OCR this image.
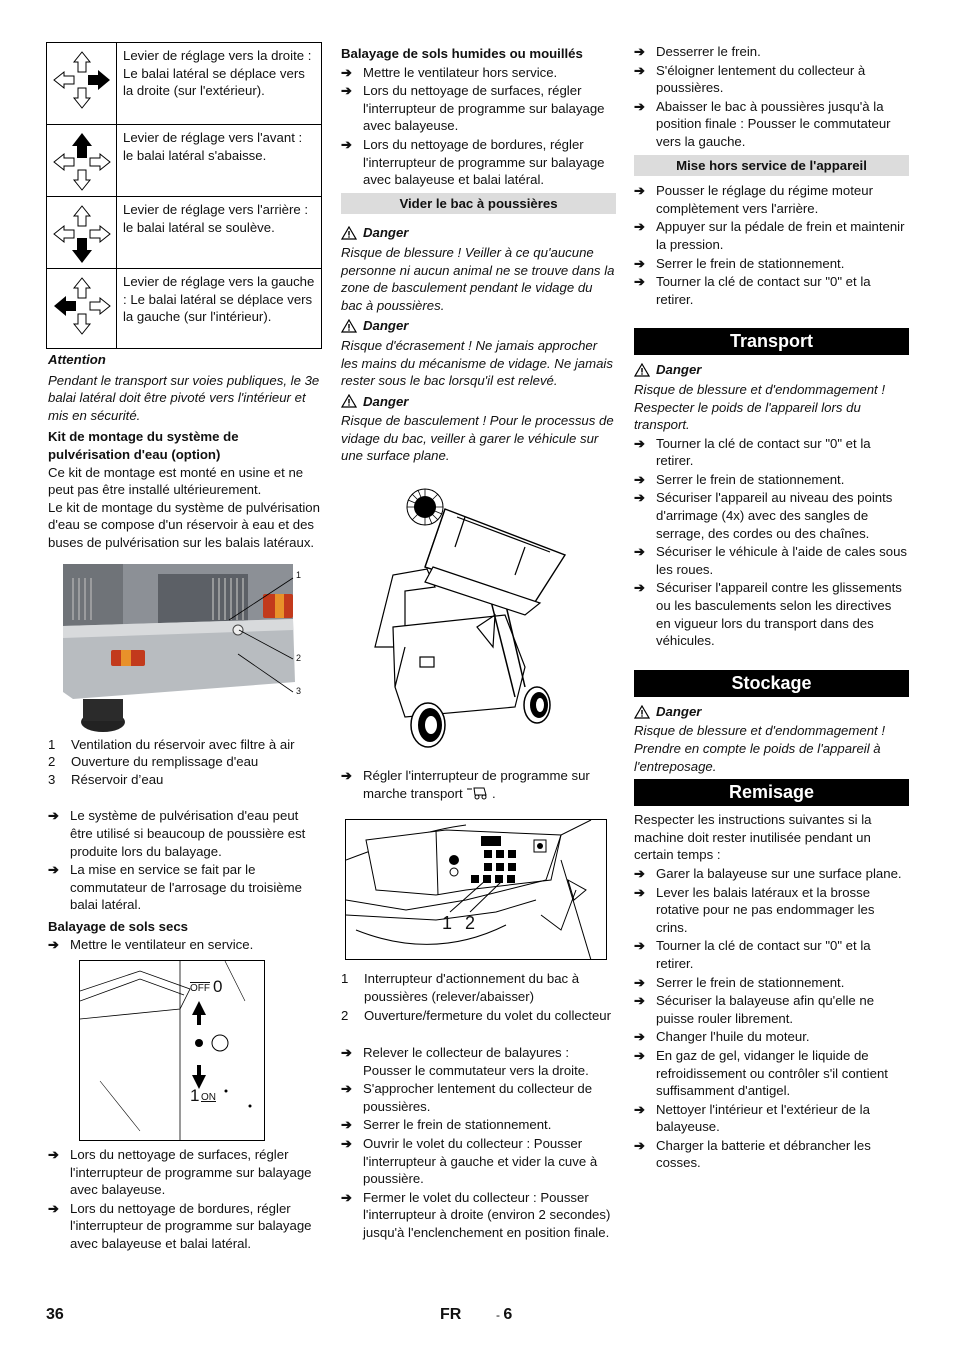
	Levier de réglage vers la droite : Le balai latéral se déplace vers la droite (sur l'extérieur).

	Levier de réglage vers l'avant : le balai latéral s'abaisse.

	Levier de réglage vers l'arrière : le balai latéral se soulève.

	Levier de réglage vers la gauche : Le balai latéral se déplace vers la gauche (sur l'intérieur).

Attention

Pendant le transport sur voies publiques, le 3e balai latéral doit être pivoté vers l'intérieur et mis en sécurité.

Kit de montage du système de pulvérisation d'eau (option)

Ce kit de montage est monté en usine et ne peut pas être installé ultérieurement.

Le kit de montage du système de pulvérisation d'eau se compose d'un réservoir à eau et des buses de pulvérisation sur les balais latéraux.

1
2
3
1	Ventilation du réservoir avec filtre à air
2	Ouverture du remplissage d'eau
3	Réservoir d’eau
➔ Le système de pulvérisation d'eau peut être utilisé si beaucoup de poussière est produite lors du balayage.
➔ La mise en service se fait par le commutateur de l'arrosage du troisième balai latéral.

Balayage de sols secs

➔ Mettre le ventilateur en service.
$\overline{OFF}$ 0
1 ON
➔ Lors du nettoyage de surfaces, régler l'interrupteur de programme sur balayage avec balayeuse.
➔ Lors du nettoyage de bordures, régler l'interrupteur de programme sur balayage avec balayeuse et balai latéral.

Balayage de sols humides ou mouillés

➔ Mettre le ventilateur hors service.
➔ Lors du nettoyage de surfaces, régler l'interrupteur de programme sur balayage avec balayeuse.
➔ Lors du nettoyage de bordures, régler l'interrupteur de programme sur balayage avec balayeuse et balai latéral.
Vider le bac à poussières
Danger

Risque de blessure ! Veiller à ce qu'aucune personne ni aucun animal ne se trouve dans la zone de basculement pendant le vidage du bac à poussières.

Danger

Risque d'écrasement ! Ne jamais approcher les mains du mécanisme de vidage. Ne jamais rester sous le bac lorsqu'il est relevé.

Danger

Risque de basculement ! Pour le processus de vidage du bac, veiller à garer le véhicule sur une surface plane.

➔ Régler l'interrupteur de programme sur marche transport  .
1 2
1	Interrupteur d'actionnement du bac à poussières (relever/abaisser)
2	Ouverture/fermeture du volet du collecteur
➔ Relever le collecteur de balayures : Pousser le commutateur vers la droite.
➔ S'approcher lentement du collecteur de poussières.
➔ Serrer le frein de stationnement.
➔ Ouvrir le volet du collecteur : Pousser l'interrupteur à gauche et vider la cuve à poussière.
➔ Fermer le volet du collecteur : Pousser l'interrupteur à droite (environ 2 secondes) jusqu'à l'enclenchement en position finale.
➔ Desserrer le frein.
➔ S'éloigner lentement du collecteur à poussières.
➔ Abaisser le bac à poussières jusqu'à la position finale : Pousser le commutateur vers la gauche.
Mise hors service de l'appareil
➔ Pousser le réglage du régime moteur complètement vers l'arrière.
➔ Appuyer sur la pédale de frein et maintenir la pression.
➔ Serrer le frein de stationnement.
➔ Tourner la clé de contact sur "0" et la retirer.
Transport
Danger

Risque de blessure et d'endommagement ! Respecter le poids de l'appareil lors du transport.

➔ Tourner la clé de contact sur "0" et la retirer.
➔ Serrer le frein de stationnement.
➔ Sécuriser l'appareil au niveau des points d'arrimage (4x) avec des sangles de serrage, des cordes ou des chaînes.
➔ Sécuriser le véhicule à l'aide de cales sous les roues.
➔ Sécuriser l'appareil contre les glissements ou les basculements selon les directives en vigueur lors du transport dans des véhicules.
Stockage
Danger

Risque de blessure et d'endommagement ! Prendre en compte le poids de l'appareil à l'entreposage.

Remisage

Respecter les instructions suivantes si la machine doit rester inutilisée pendant un certain temps :

➔ Garer la balayeuse sur une surface plane.
➔ Lever les balais latéraux et la brosse rotative pour ne pas endommager les crins.
➔ Tourner la clé de contact sur "0" et la retirer.
➔ Serrer le frein de stationnement.
➔ Sécuriser la balayeuse afin qu'elle ne puisse rouler librement.
➔ Changer l'huile du moteur.
➔ En gaz de gel, vidanger le liquide de refroidissement ou contrôler s'il contient suffisamment d'antigel.
➔ Nettoyer l'intérieur et l'extérieur de la balayeuse.
➔ Charger la batterie et débrancher les cosses.
36	FR	- 6
